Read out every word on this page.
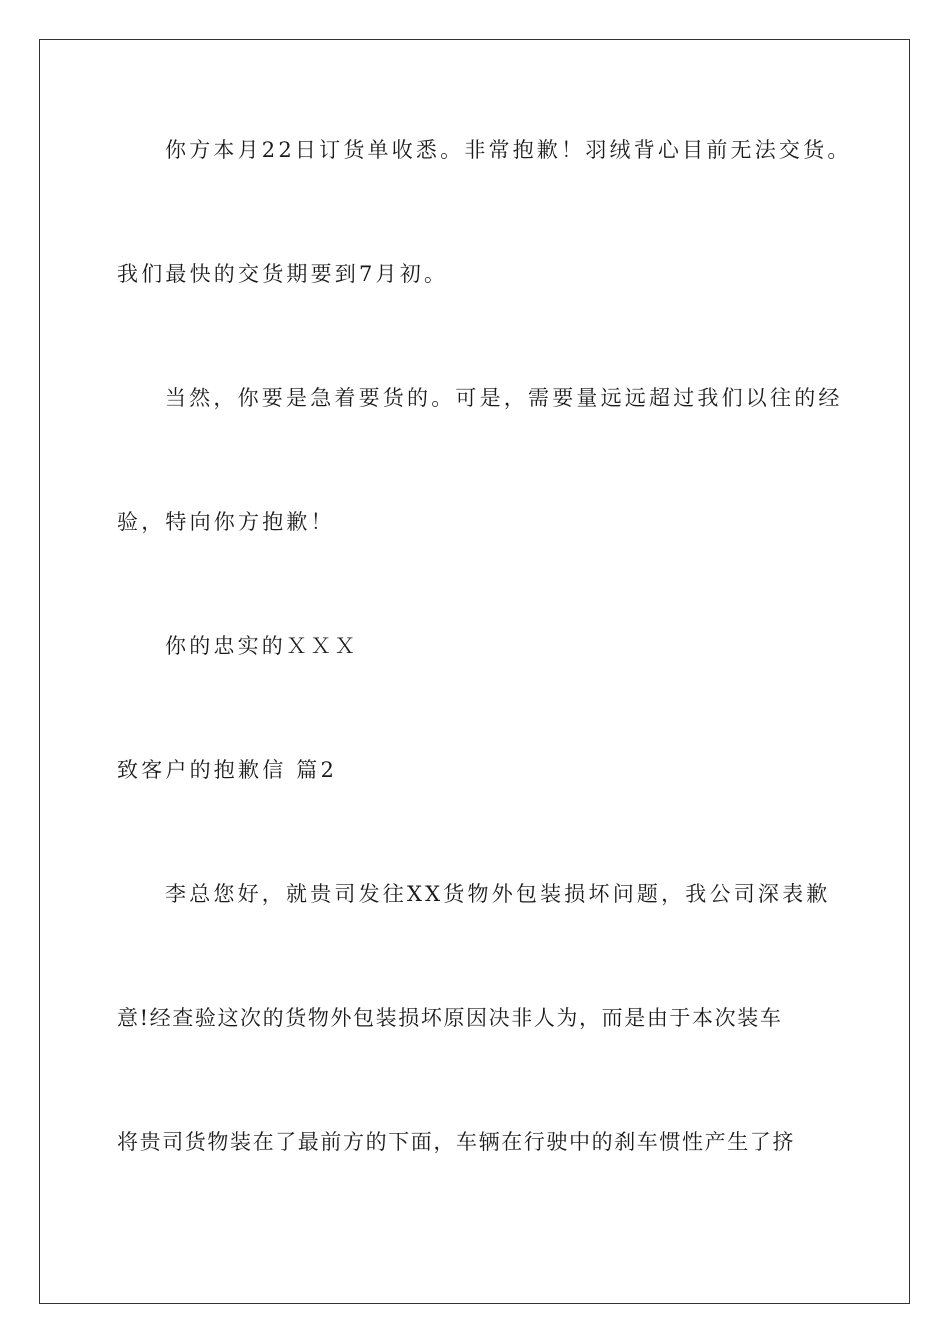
你方本月22日订货单收悉。非常抱歉！羽绒背心目前无法交货。
我们最快的交货期要到7月初。
当然，你要是急着要货的。可是，需要量远远超过我们以往的经
验，特向你方抱歉！
你的忠实的ＸＸＸ
致客户的抱歉信 篇2
李总您好，就贵司发往XX货物外包装损坏问题，我公司深表歉
意!经查验这次的货物外包装损坏原因决非人为，而是由于本次装车
将贵司货物装在了最前方的下面，车辆在行驶中的刹车惯性产生了挤
